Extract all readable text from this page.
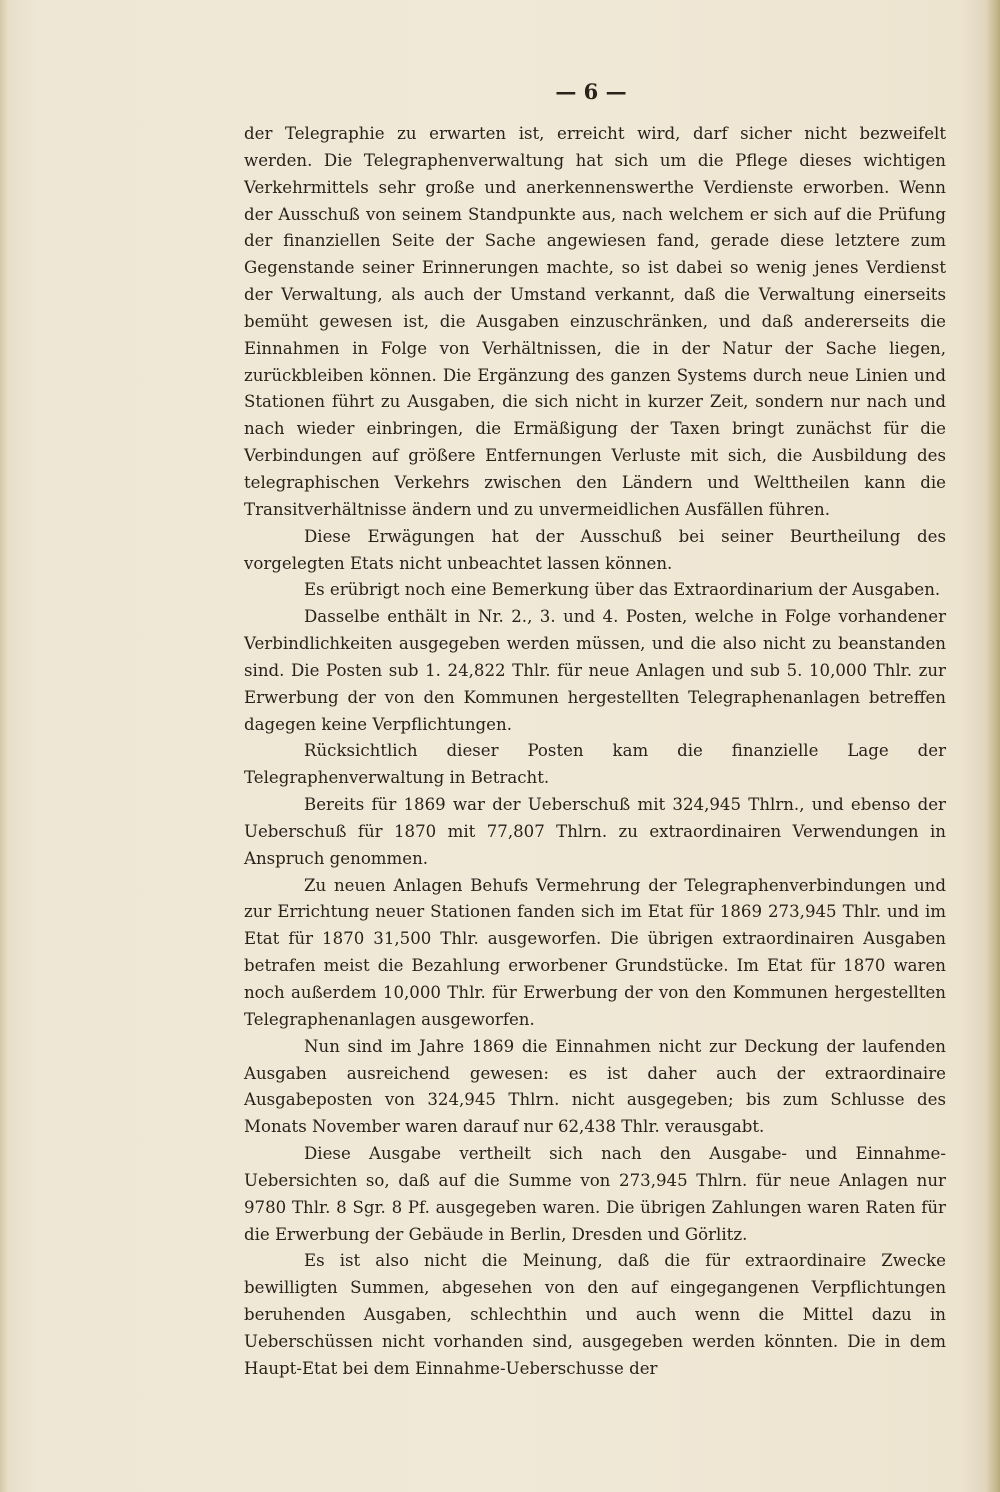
— 6 —

der Telegraphie zu erwarten ist, erreicht wird, darf sicher nicht bezweifelt werden. Die Telegraphenverwaltung hat sich um die Pflege dieses wichtigen Verkehrmittels sehr große und anerkennenswerthe Verdienste erworben. Wenn der Ausschuß von seinem Standpunkte aus, nach welchem er sich auf die Prüfung der finanziellen Seite der Sache angewiesen fand, gerade diese letztere zum Gegenstande seiner Erinnerungen machte, so ist dabei so wenig jenes Verdienst der Verwaltung, als auch der Umstand verkannt, daß die Verwaltung einerseits bemüht gewesen ist, die Ausgaben einzuschränken, und daß andererseits die Einnahmen in Folge von Verhältnissen, die in der Natur der Sache liegen, zurückbleiben können. Die Ergänzung des ganzen Systems durch neue Linien und Stationen führt zu Ausgaben, die sich nicht in kurzer Zeit, sondern nur nach und nach wieder einbringen, die Ermäßigung der Taxen bringt zunächst für die Verbindungen auf größere Entfernungen Verluste mit sich, die Ausbildung des telegraphischen Verkehrs zwischen den Ländern und Welttheilen kann die Transitverhältnisse ändern und zu unvermeidlichen Ausfällen führen.

Diese Erwägungen hat der Ausschuß bei seiner Beurtheilung des vorgelegten Etats nicht unbeachtet lassen können.

Es erübrigt noch eine Bemerkung über das Extraordinarium der Ausgaben.

Dasselbe enthält in Nr. 2., 3. und 4. Posten, welche in Folge vorhandener Verbindlichkeiten ausgegeben werden müssen, und die also nicht zu beanstanden sind. Die Posten sub 1. 24,822 Thlr. für neue Anlagen und sub 5. 10,000 Thlr. zur Erwerbung der von den Kommunen hergestellten Telegraphenanlagen betreffen dagegen keine Verpflichtungen.

Rücksichtlich dieser Posten kam die finanzielle Lage der Telegraphenverwaltung in Betracht.

Bereits für 1869 war der Ueberschuß mit 324,945 Thlrn., und ebenso der Ueberschuß für 1870 mit 77,807 Thlrn. zu extraordinairen Verwendungen in Anspruch genommen.

Zu neuen Anlagen Behufs Vermehrung der Telegraphenverbindungen und zur Errichtung neuer Stationen fanden sich im Etat für 1869 273,945 Thlr. und im Etat für 1870 31,500 Thlr. ausgeworfen. Die übrigen extraordinairen Ausgaben betrafen meist die Bezahlung erworbener Grundstücke. Im Etat für 1870 waren noch außerdem 10,000 Thlr. für Erwerbung der von den Kommunen hergestellten Telegraphenanlagen ausgeworfen.

Nun sind im Jahre 1869 die Einnahmen nicht zur Deckung der laufenden Ausgaben ausreichend gewesen: es ist daher auch der extraordinaire Ausgabeposten von 324,945 Thlrn. nicht ausgegeben; bis zum Schlusse des Monats November waren darauf nur 62,438 Thlr. verausgabt.

Diese Ausgabe vertheilt sich nach den Ausgabe- und Einnahme-Uebersichten so, daß auf die Summe von 273,945 Thlrn. für neue Anlagen nur 9780 Thlr. 8 Sgr. 8 Pf. ausgegeben waren. Die übrigen Zahlungen waren Raten für die Erwerbung der Gebäude in Berlin, Dresden und Görlitz.

Es ist also nicht die Meinung, daß die für extraordinaire Zwecke bewilligten Summen, abgesehen von den auf eingegangenen Verpflichtungen beruhenden Ausgaben, schlechthin und auch wenn die Mittel dazu in Ueberschüssen nicht vorhanden sind, ausgegeben werden könnten. Die in dem Haupt-Etat bei dem Einnahme-Ueberschusse der
